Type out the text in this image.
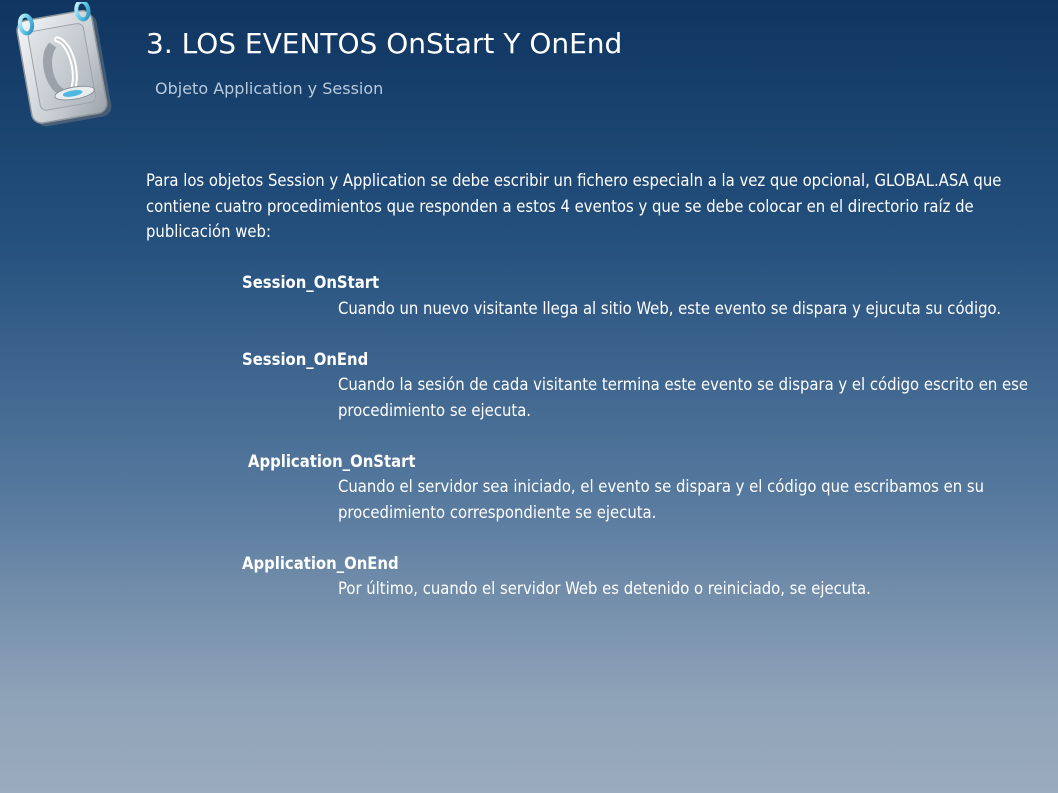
3. LOS EVENTOS OnStart Y OnEnd
Objeto Application y Session

Para los objetos Session y Application se debe escribir un fichero especialn a la vez que opcional, GLOBAL.ASA que contiene cuatro procedimientos que responden a estos 4 eventos y que se debe colocar en el directorio raíz de publicación web:

Session_OnStart
Cuando un nuevo visitante llega al sitio Web, este evento se dispara y ejucuta su código.
Session_OnEnd
Cuando la sesión de cada visitante termina este evento se dispara y el código escrito en ese procedimiento se ejecuta.
Application_OnStart
Cuando el servidor sea iniciado, el evento se dispara y el código que escribamos en su procedimiento correspondiente se ejecuta.
Application_OnEnd
Por último, cuando el servidor Web es detenido o reiniciado, se ejecuta.
